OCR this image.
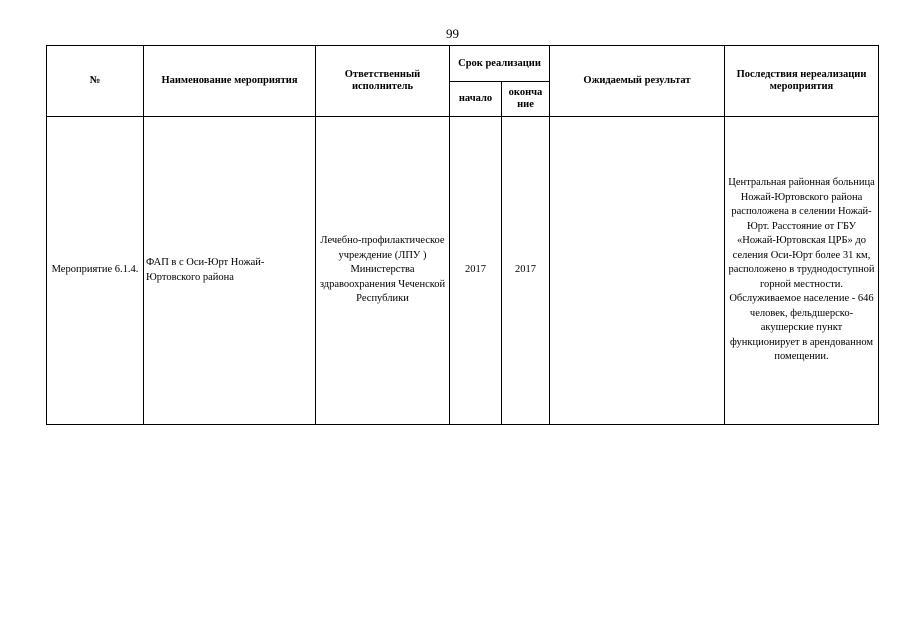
99
№	Наименование мероприятия	Ответственный исполнитель	Срок реализации		Ожидаемый результат	Последствия нереализации мероприятия
			начало	оконча ние		
Мероприятие 6.1.4.	ФАП в с Оси-Юрт Ножай-Юртовского района	Лечебно-профилактическое учреждение (ЛПУ ) Министерства здравоохранения Чеченской Республики	2017	2017		Центральная районная больница Ножай-Юртовского района расположена в селении Ножай-Юрт. Расстояние от ГБУ «Ножай-Юртовская ЦРБ» до селения Оси-Юрт более 31 км, расположено в труднодоступной горной местности. Обслуживаемое население - 646 человек, фельдшерско-акушерские пункт функционирует в арендованном помещении.
